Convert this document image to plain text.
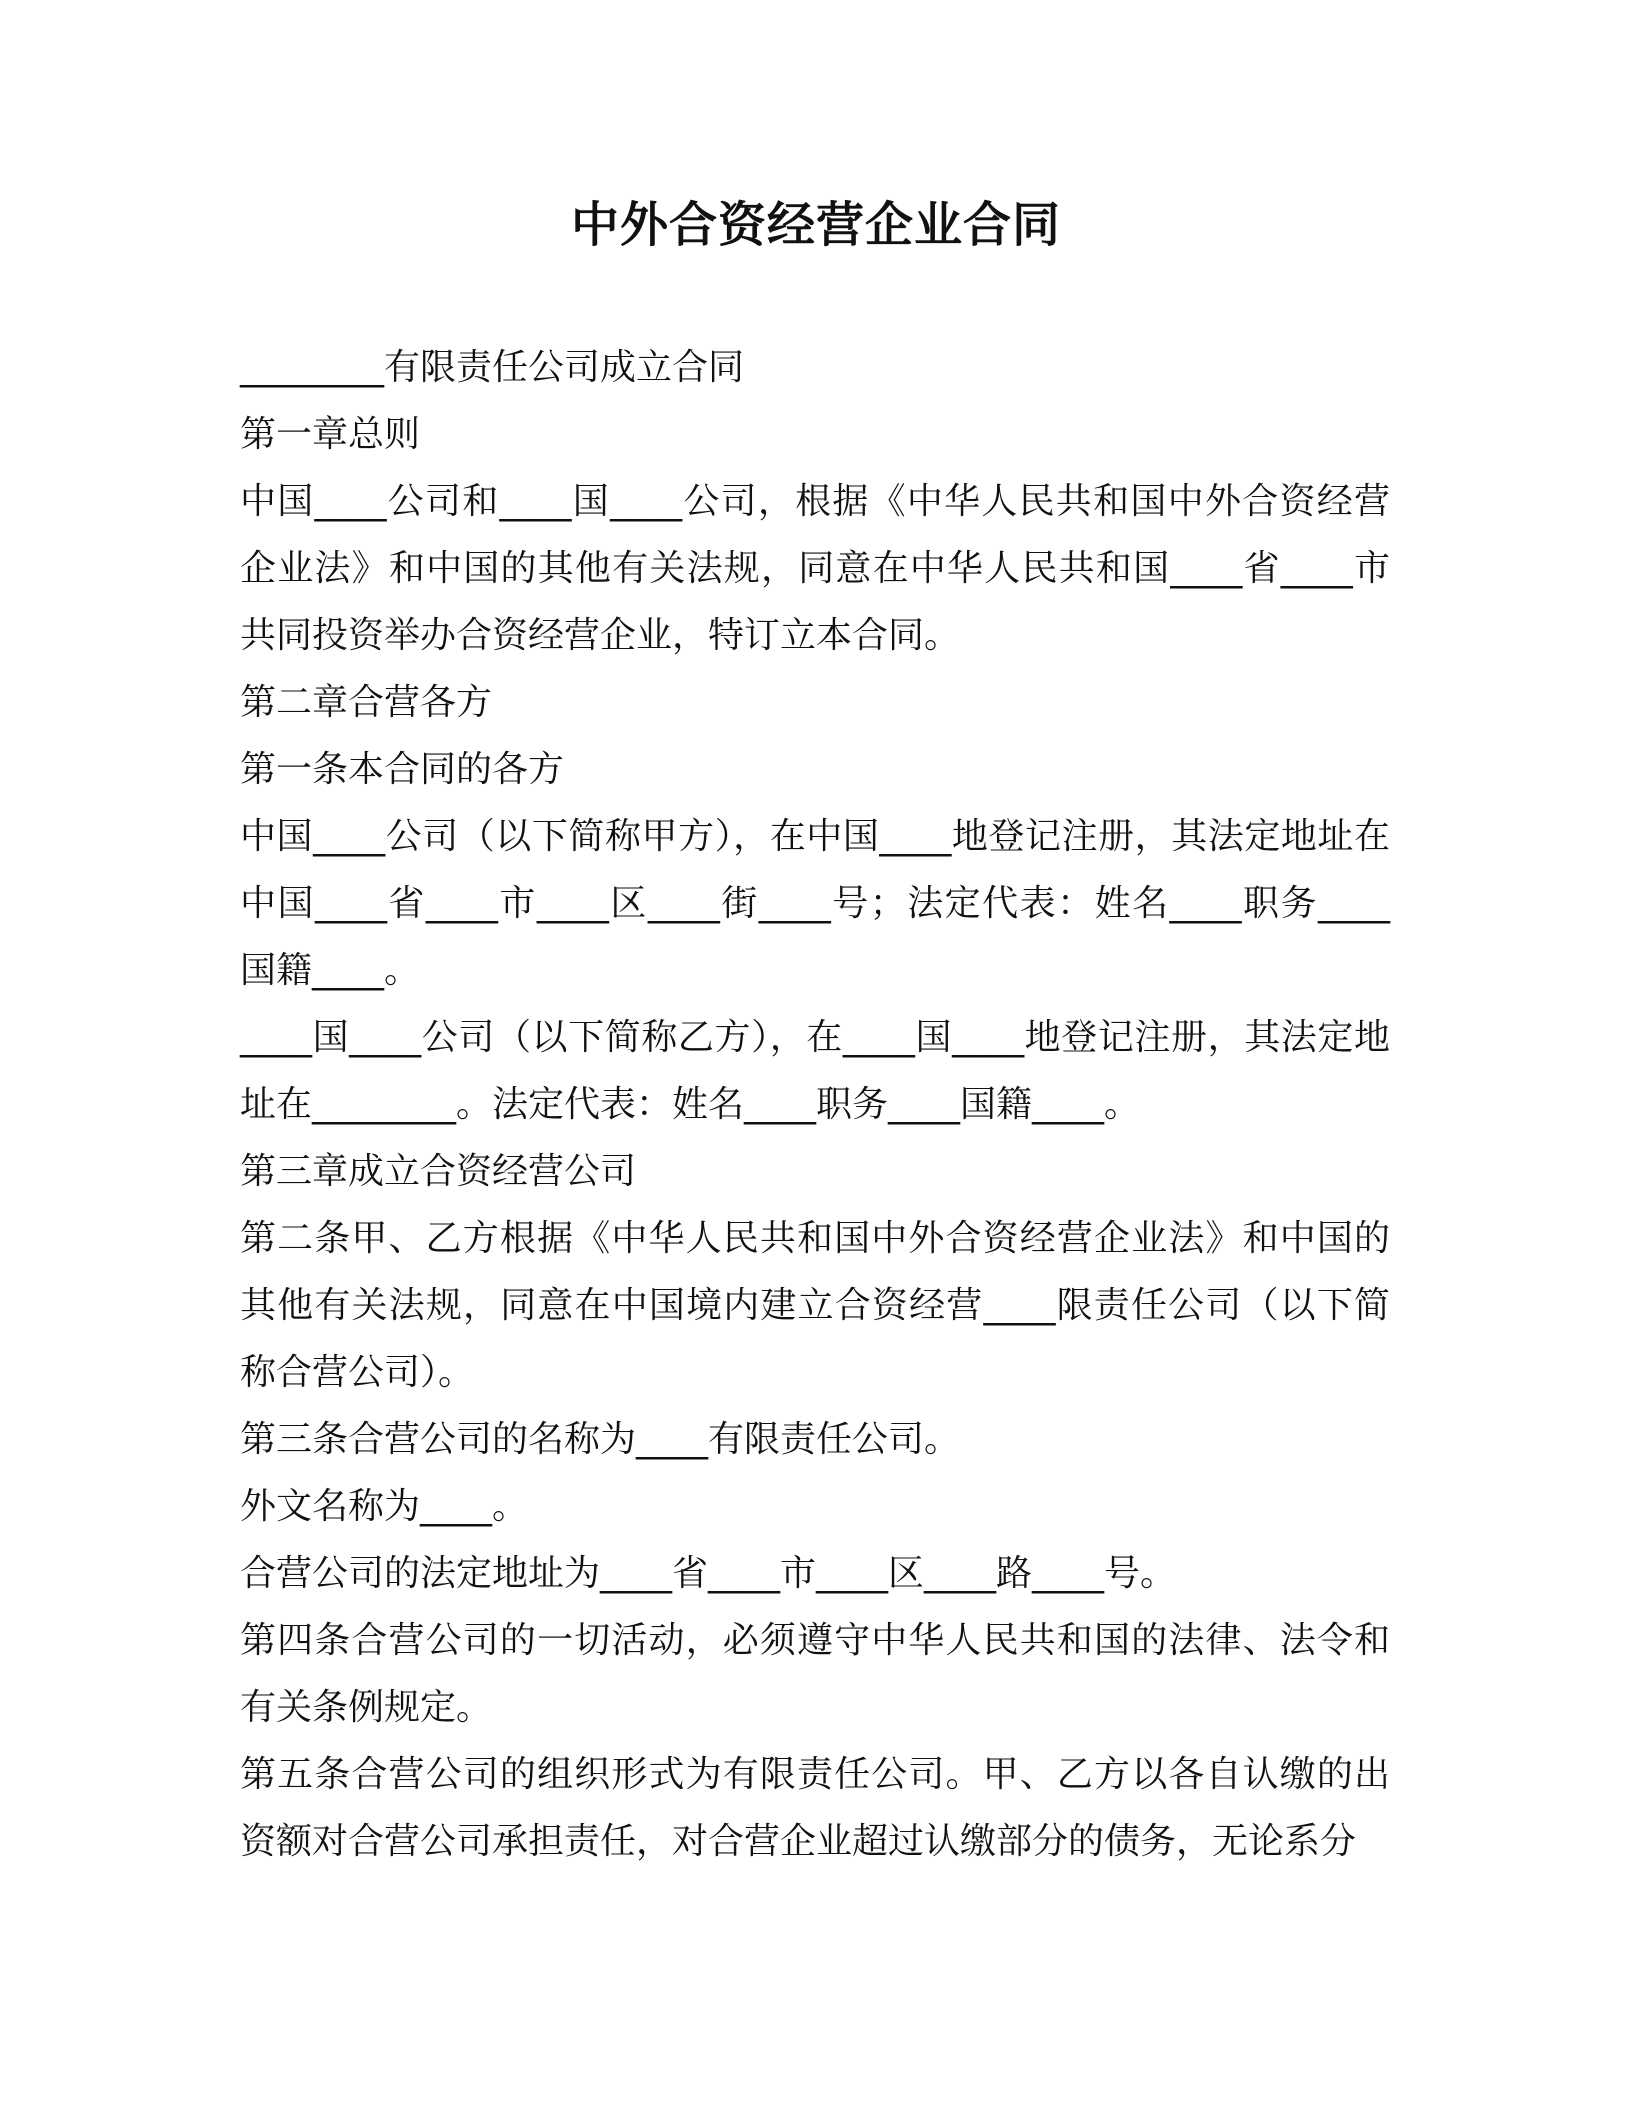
中外合资经营企业合同

________有限责任公司成立合同

第一章总则

中国____公司和____国____公司，根据《中华人民共和国中外合资经营企业法》和中国的其他有关法规，同意在中华人民共和国____省____市共同投资举办合资经营企业，特订立本合同。

第二章合营各方

第一条本合同的各方

中国____公司（以下简称甲方），在中国____地登记注册，其法定地址在中国____省____市____区____街____号；法定代表：姓名____职务____国籍____。

____国____公司（以下简称乙方），在____国____地登记注册，其法定地址在________。法定代表：姓名____职务____国籍____。

第三章成立合资经营公司

第二条甲、乙方根据《中华人民共和国中外合资经营企业法》和中国的其他有关法规，同意在中国境内建立合资经营____限责任公司（以下简称合营公司）。

第三条合营公司的名称为____有限责任公司。

外文名称为____。

合营公司的法定地址为____省____市____区____路____号。

第四条合营公司的一切活动，必须遵守中华人民共和国的法律、法令和有关条例规定。

第五条合营公司的组织形式为有限责任公司。甲、乙方以各自认缴的出资额对合营公司承担责任，对合营企业超过认缴部分的债务，无论系分
